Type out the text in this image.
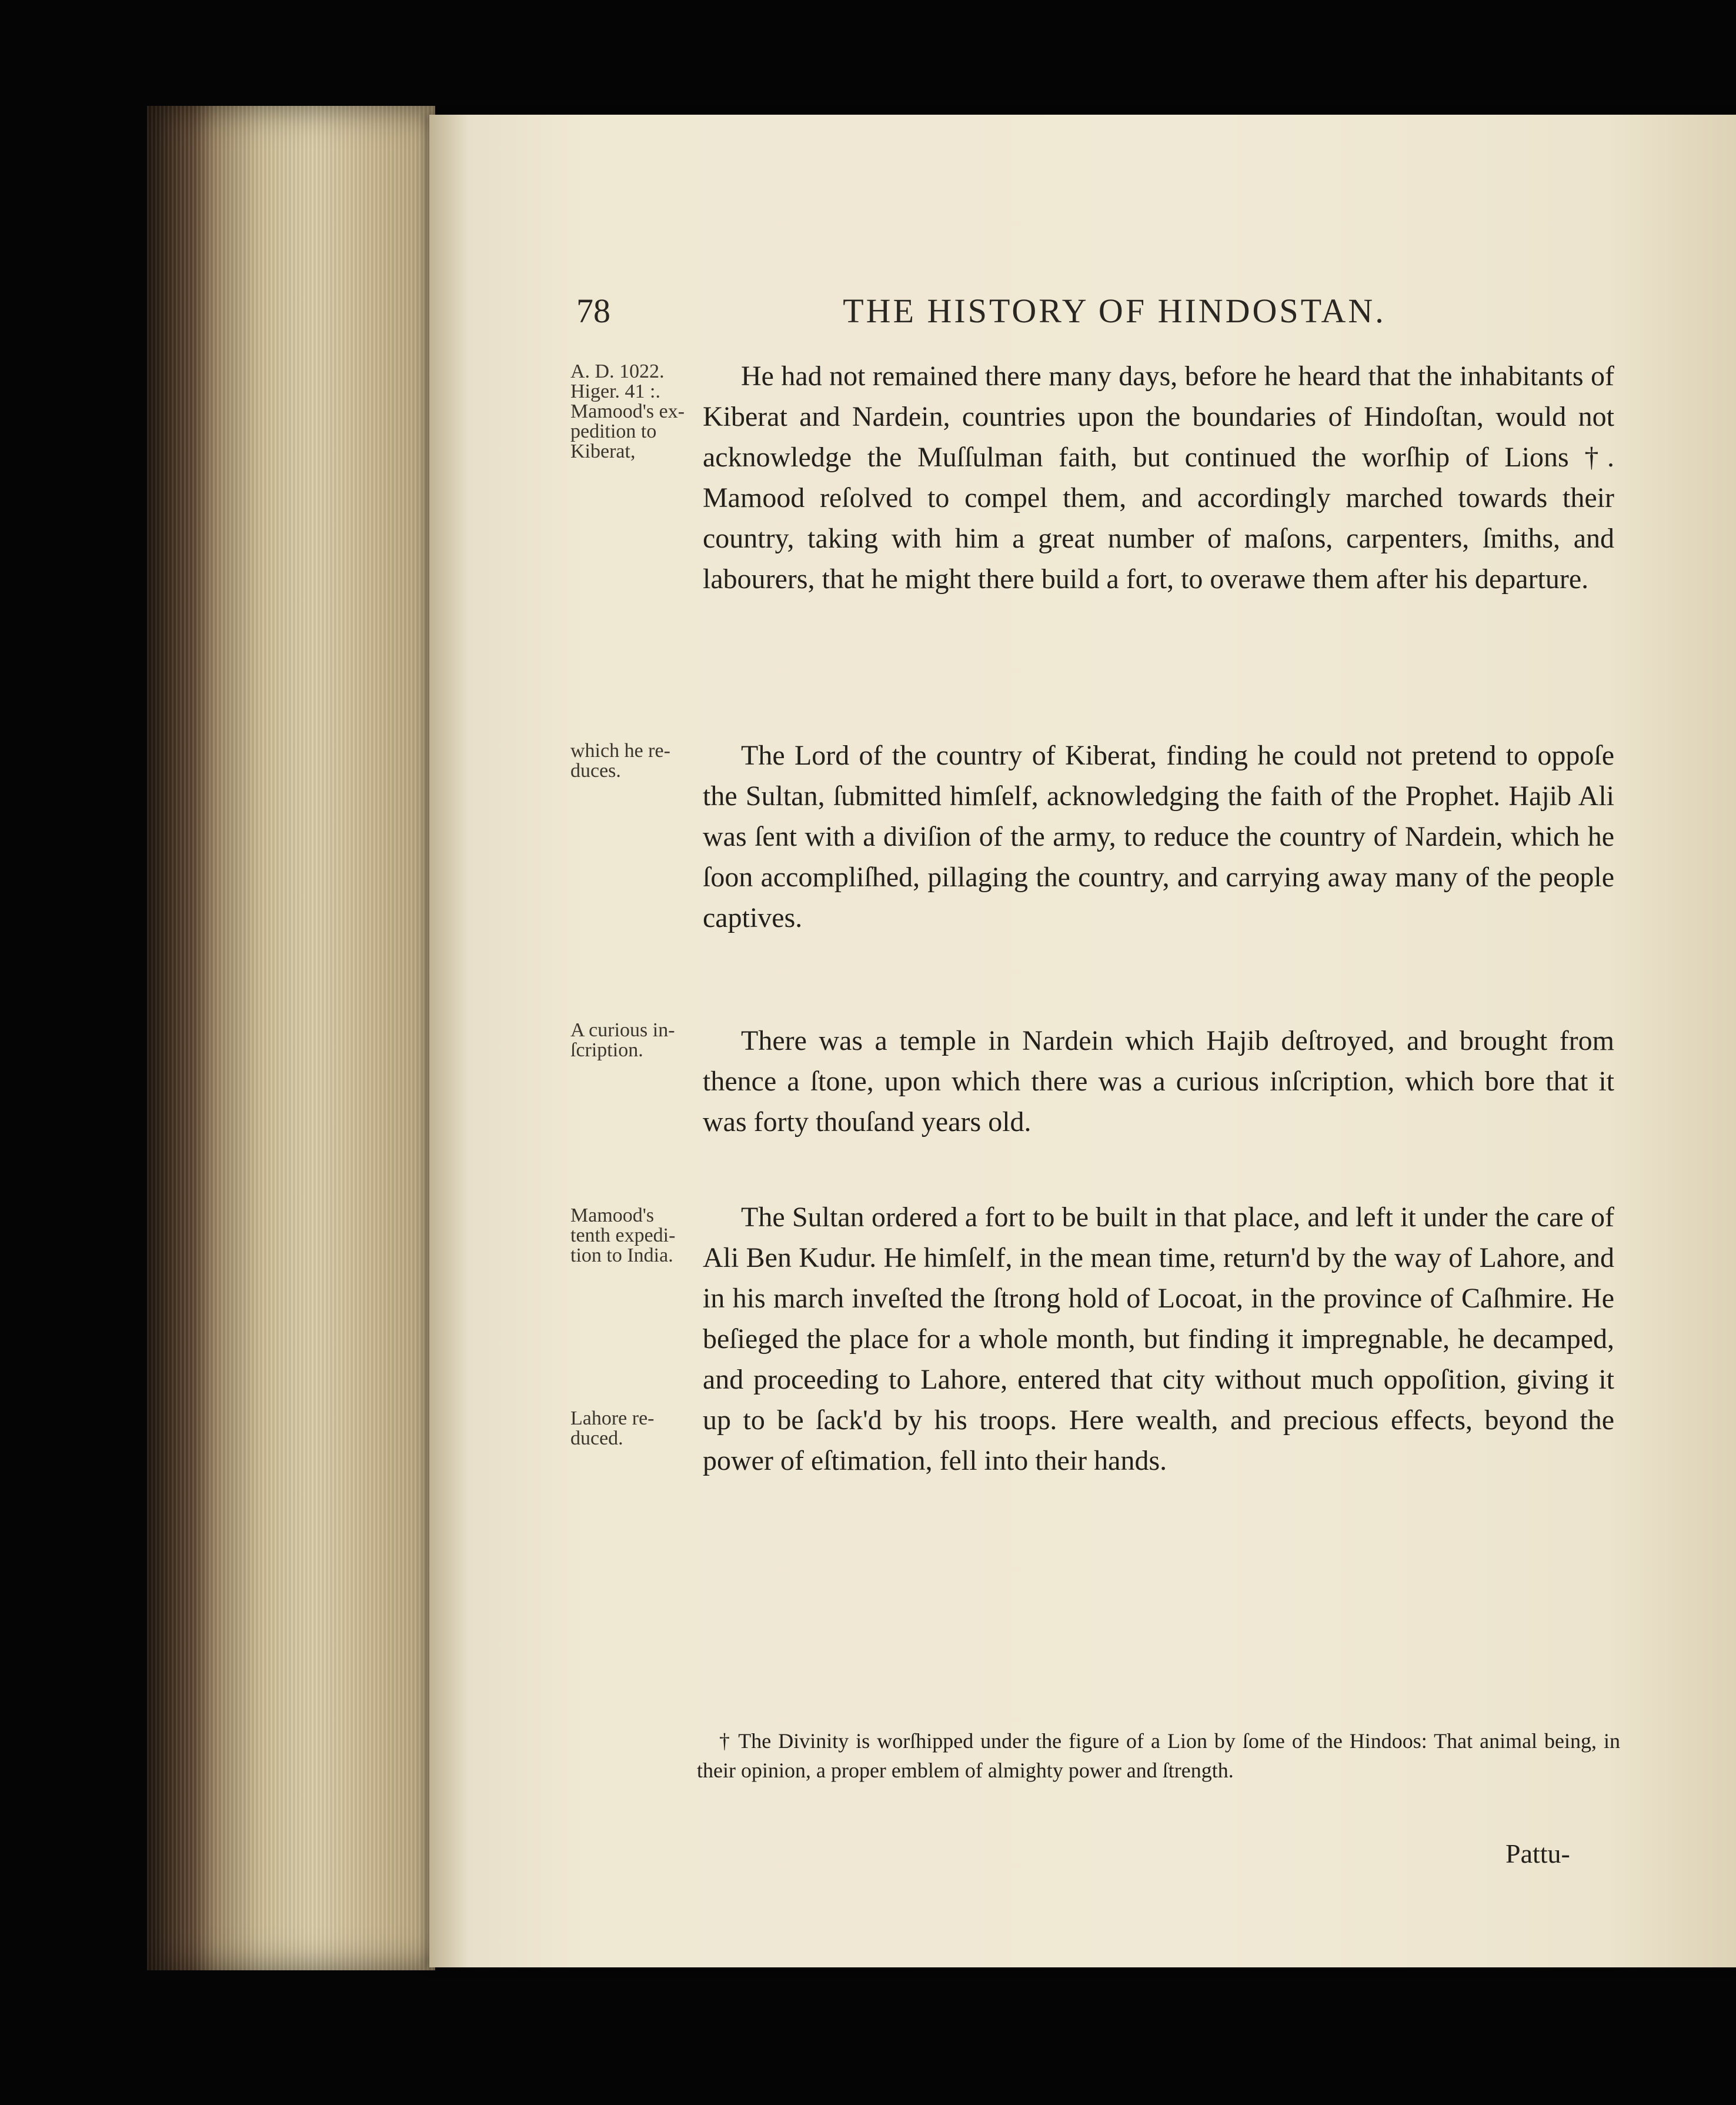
78	THE HISTORY OF HINDOSTAN.
A. D. 1022.
Higer. 41 :.
Mamood's ex-
pedition to
Kiberat,

He had not remained there many days, before he heard that the inhabitants of Kiberat and Nardein, countries upon the boundaries of Hindoſtan, would not acknowledge the Muſſulman faith, but continued the worſhip of Lions †. Mamood reſolved to compel them, and accordingly marched towards their country, taking with him a great number of maſons, carpenters, ſmiths, and labourers, that he might there build a fort, to overawe them after his departure.

which he re-
duces.	The Lord of the country of Kiberat, finding he could not pretend to oppoſe the Sultan, ſubmitted himſelf, acknowledging the faith of the Prophet. Hajib Ali was ſent with a diviſion of the army, to reduce the country of Nardein, which he ſoon accompliſhed, pillaging the country, and carrying away many of the people captives.

A curious in-
ſcription.	There was a temple in Nardein which Hajib deſtroyed, and brought from thence a ſtone, upon which there was a curious inſcription, which bore that it was forty thouſand years old.

Mamood's
tenth expedi-
tion to India.
Lahore re-
duced.

The Sultan ordered a fort to be built in that place, and left it under the care of Ali Ben Kudur. He himſelf, in the mean time, return'd by the way of Lahore, and in his march inveſted the ſtrong hold of Locoat, in the province of Caſhmire. He beſieged the place for a whole month, but finding it impregnable, he decamped, and proceeding to Lahore, entered that city without much oppoſition, giving it up to be ſack'd by his troops. Here wealth, and precious effects, beyond the power of eſtimation, fell into their hands.

† The Divinity is worſhipped under the figure of a Lion by ſome of the Hindoos: That animal being, in their opinion, a proper emblem of almighty power and ſtrength.

Pattu-
